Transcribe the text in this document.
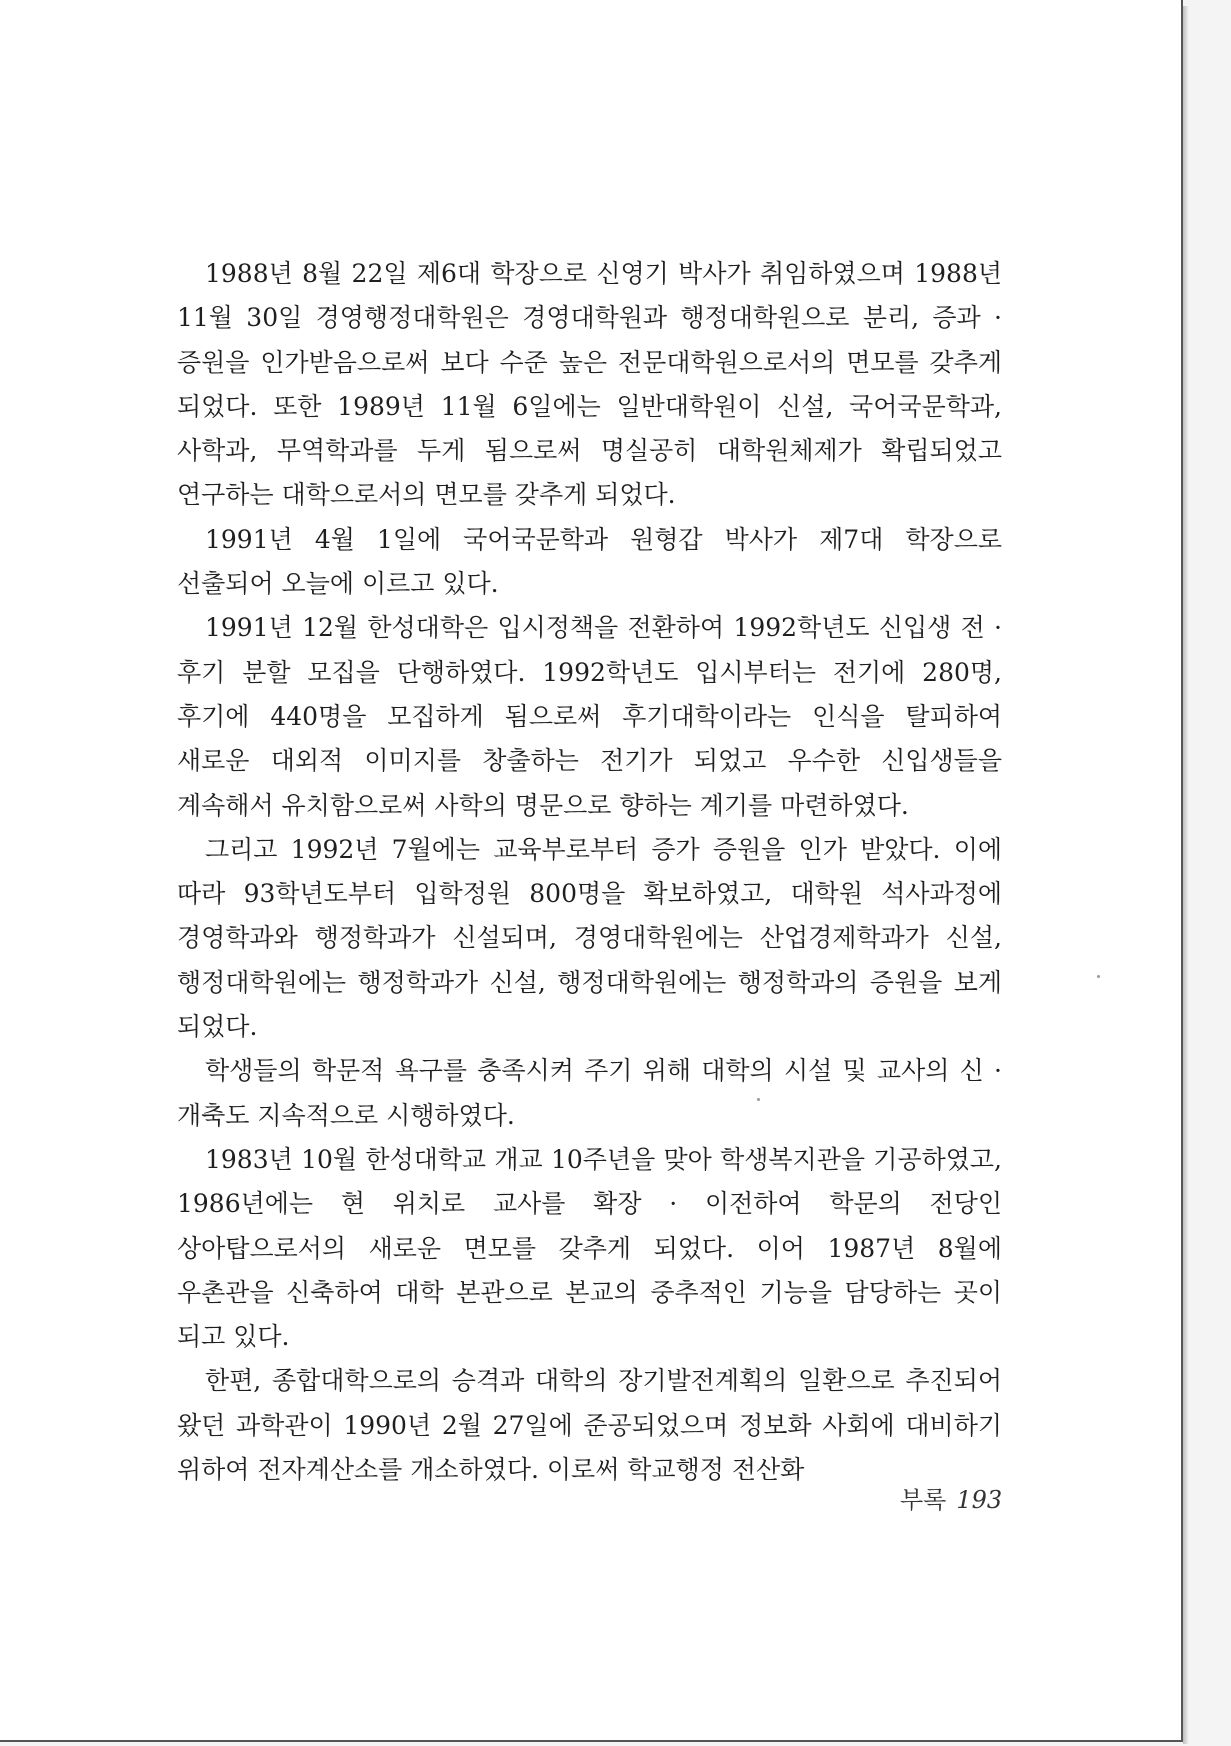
1988년 8월 22일 제6대 학장으로 신영기 박사가 취임하였으며 1988년 11월 30일 경영행정대학원은 경영대학원과 행정대학원으로 분리, 증과 · 증원을 인가받음으로써 보다 수준 높은 전문대학원으로서의 면모를 갖추게 되었다. 또한 1989년 11월 6일에는 일반대학원이 신설, 국어국문학과, 사학과, 무역학과를 두게 됨으로써 명실공히 대학원체제가 확립되었고 연구하는 대학으로서의 면모를 갖추게 되었다.

1991년 4월 1일에 국어국문학과 원형갑 박사가 제7대 학장으로 선출되어 오늘에 이르고 있다.

1991년 12월 한성대학은 입시정책을 전환하여 1992학년도 신입생 전 · 후기 분할 모집을 단행하였다. 1992학년도 입시부터는 전기에 280명, 후기에 440명을 모집하게 됨으로써 후기대학이라는 인식을 탈피하여 새로운 대외적 이미지를 창출하는 전기가 되었고 우수한 신입생들을 계속해서 유치함으로써 사학의 명문으로 향하는 계기를 마련하였다.

그리고 1992년 7월에는 교육부로부터 증가 증원을 인가 받았다. 이에 따라 93학년도부터 입학정원 800명을 확보하였고, 대학원 석사과정에 경영학과와 행정학과가 신설되며, 경영대학원에는 산업경제학과가 신설, 행정대학원에는 행정학과가 신설, 행정대학원에는 행정학과의 증원을 보게 되었다.

학생들의 학문적 욕구를 충족시켜 주기 위해 대학의 시설 및 교사의 신 · 개축도 지속적으로 시행하였다.

1983년 10월 한성대학교 개교 10주년을 맞아 학생복지관을 기공하였고, 1986년에는 현 위치로 교사를 확장 · 이전하여 학문의 전당인 상아탑으로서의 새로운 면모를 갖추게 되었다. 이어 1987년 8월에 우촌관을 신축하여 대학 본관으로 본교의 중추적인 기능을 담당하는 곳이 되고 있다.

한편, 종합대학으로의 승격과 대학의 장기발전계획의 일환으로 추진되어 왔던 과학관이 1990년 2월 27일에 준공되었으며 정보화 사회에 대비하기 위하여 전자계산소를 개소하였다. 이로써 학교행정 전산화

부록 193
